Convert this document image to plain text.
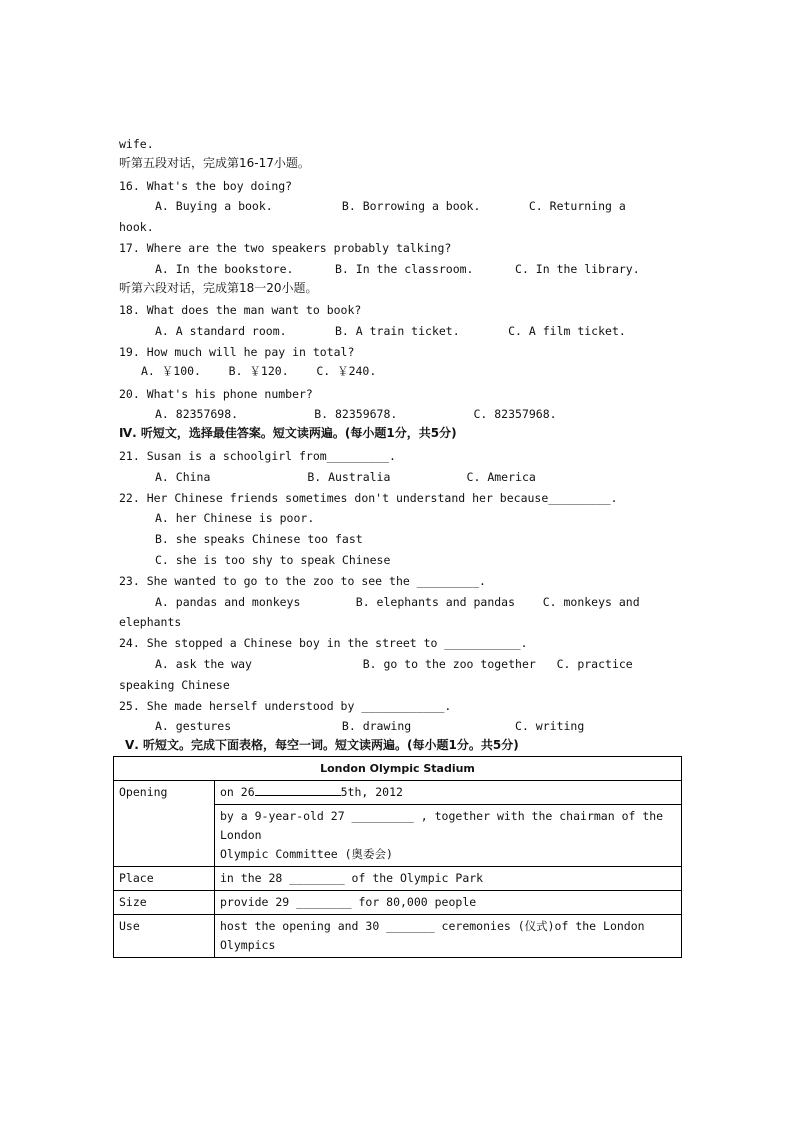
wife.
听第五段对话，完成第16-17小题。
16. What's the boy doing?
A. Buying a book.          B. Borrowing a book.       C. Returning a
hook.
17. Where are the two speakers probably talking?
A. In the bookstore.      B. In the classroom.      C. In the library.
听第六段对话，完成第18一20小题。
18. What does the man want to book?
A. A standard room.       B. A train ticket.       C. A film ticket.
19. How much will he pay in total?
A. ￥100.    B. ￥120.    C. ￥240.
20. What's his phone number?
A. 82357698.           B. 82359678.           C. 82357968.
Ⅳ. 听短文，选择最佳答案。短文读两遍。(每小题1分，共5分)
21. Susan is a schoolgirl from_________.
A. China              B. Australia           C. America
22. Her Chinese friends sometimes don't understand her because_________.
A. her Chinese is poor.
B. she speaks Chinese too fast
C. she is too shy to speak Chinese
23. She wanted to go to the zoo to see the _________.
A. pandas and monkeys        B. elephants and pandas    C. monkeys and
elephants
24. She stopped a Chinese boy in the street to ___________.
A. ask the way                B. go to the zoo together   C. practice
speaking Chinese
25. She made herself understood by ____________.
A. gestures                B. drawing               C. writing
Ⅴ. 听短文。完成下面表格，每空一词。短文读两遍。(每小题1分。共5分)
London Olympic Stadium	
Opening	on 26 5th, 2012

	by a 9-year-old 27 _________ , together with the chairman of the London
Olympic Committee (奥委会)

Place	in the 28 ________ of the Olympic Park
Size	provide 29 ________ for 80,000 people
Use	host the opening and 30 _______ ceremonies (仪式)of the London Olympics
